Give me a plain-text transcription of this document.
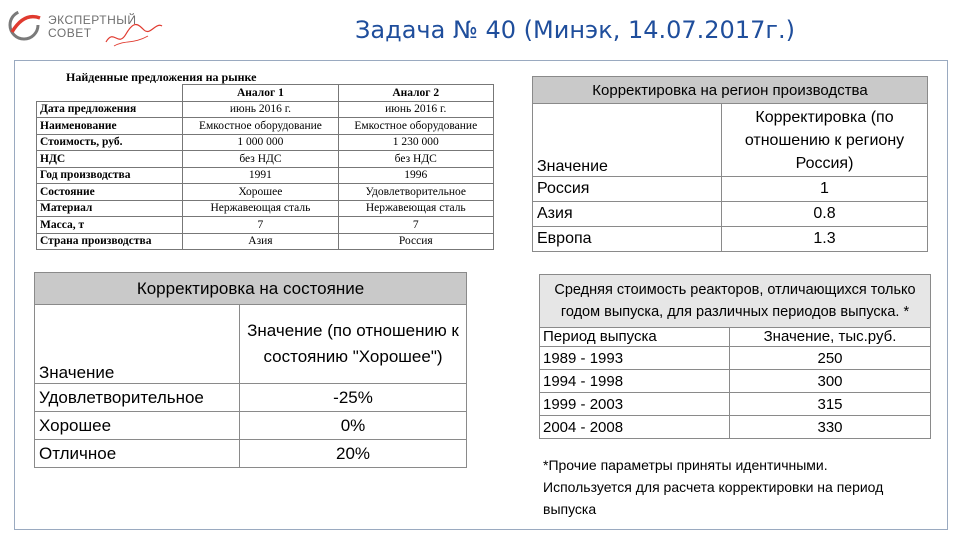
ЭКСПЕРТНЫЙ
СОВЕТ	Задача № 40 (Минэк, 14.07.2017г.)
Найденные предложения на рынке
	Аналог 1	Аналог 2
Дата предложения	июнь 2016 г.	июнь 2016 г.
Наименование	Емкостное оборудование	Емкостное оборудование
Стоимость, руб.	1 000 000	1 230 000
НДС	без НДС	без НДС
Год производства	1991	1996
Состояние	Хорошее	Удовлетворительное
Материал	Нержавеющая сталь	Нержавеющая сталь
Масса, т	7	7
Страна производства	Азия	Россия
Корректировка на регион производства	
Значение	Корректировка (по отношению к региону Россия)
Россия	1
Азия	0.8
Европа	1.3
Корректировка на состояние	
Значение	Значение (по отношению к состоянию "Хорошее")
Удовлетворительное	-25%
Хорошее	0%
Отличное	20%
Средняя стоимость реакторов, отличающихся только годом выпуска, для различных периодов выпуска. *	
Период выпуска	Значение, тыс.руб.
1989 - 1993	250
1994 - 1998	300
1999 - 2003	315
2004 - 2008	330
*Прочие параметры приняты идентичными. Используется для расчета корректировки на период выпуска
